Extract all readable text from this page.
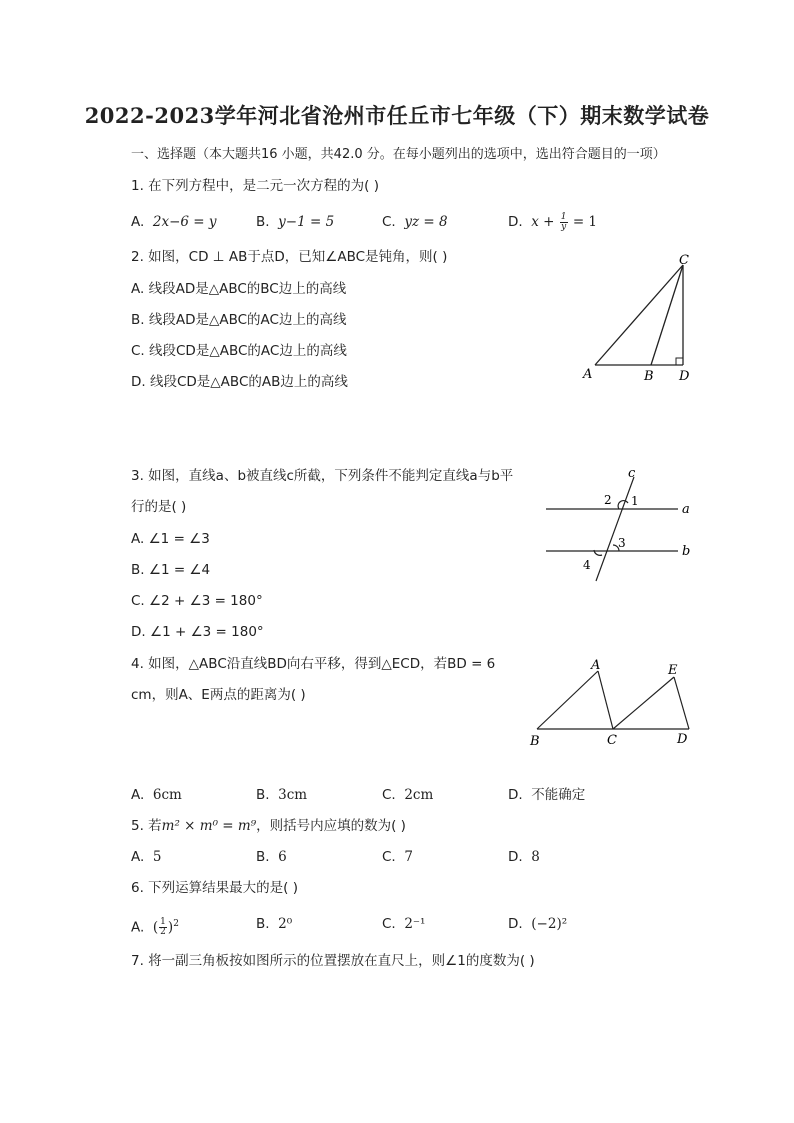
2022-2023学年河北省沧州市任丘市七年级（下）期末数学试卷
一、选择题（本大题共16 小题，共42.0 分。在每小题列出的选项中，选出符合题目的一项）
1. 在下列方程中，是二元一次方程的为( )
A. 2x−6 = y	B. y−1 = 5	C. yz = 8	D. $x + \frac{1}{y} = 1$
2. 如图，CD ⊥ AB于点D，已知∠ABC是钝角，则( )
A. 线段AD是△ABC的BC边上的高线
B. 线段AD是△ABC的AC边上的高线
C. 线段CD是△ABC的AC边上的高线
D. 线段CD是△ABC的AB边上的高线
C
A	B D
3. 如图，直线a、b被直线c所截，下列条件不能判定直线a与b平
行的是( )
A. ∠1 = ∠3
B. ∠1 = ∠4
C. ∠2 + ∠3 = 180°
D. ∠1 + ∠3 = 180°
c
a
b
1
2
3
4
4. 如图，△ABC沿直线BD向右平移，得到△ECD，若BD = 6
cm，则A、E两点的距离为( )
A	E
B	C	D
A. 6cm	B. 3cm	C. 2cm	D. 不能确定
5. 若m² × m⁰ = m⁹，则括号内应填的数为( )
A. 5	B. 6	C. 7	D. 8
6. 下列运算结果最大的是( )
A. ( $\frac{1}{2} )^2$	B. 2⁰	C. 2⁻¹	D. (−2)²
7. 将一副三角板按如图所示的位置摆放在直尺上，则∠1的度数为( )
